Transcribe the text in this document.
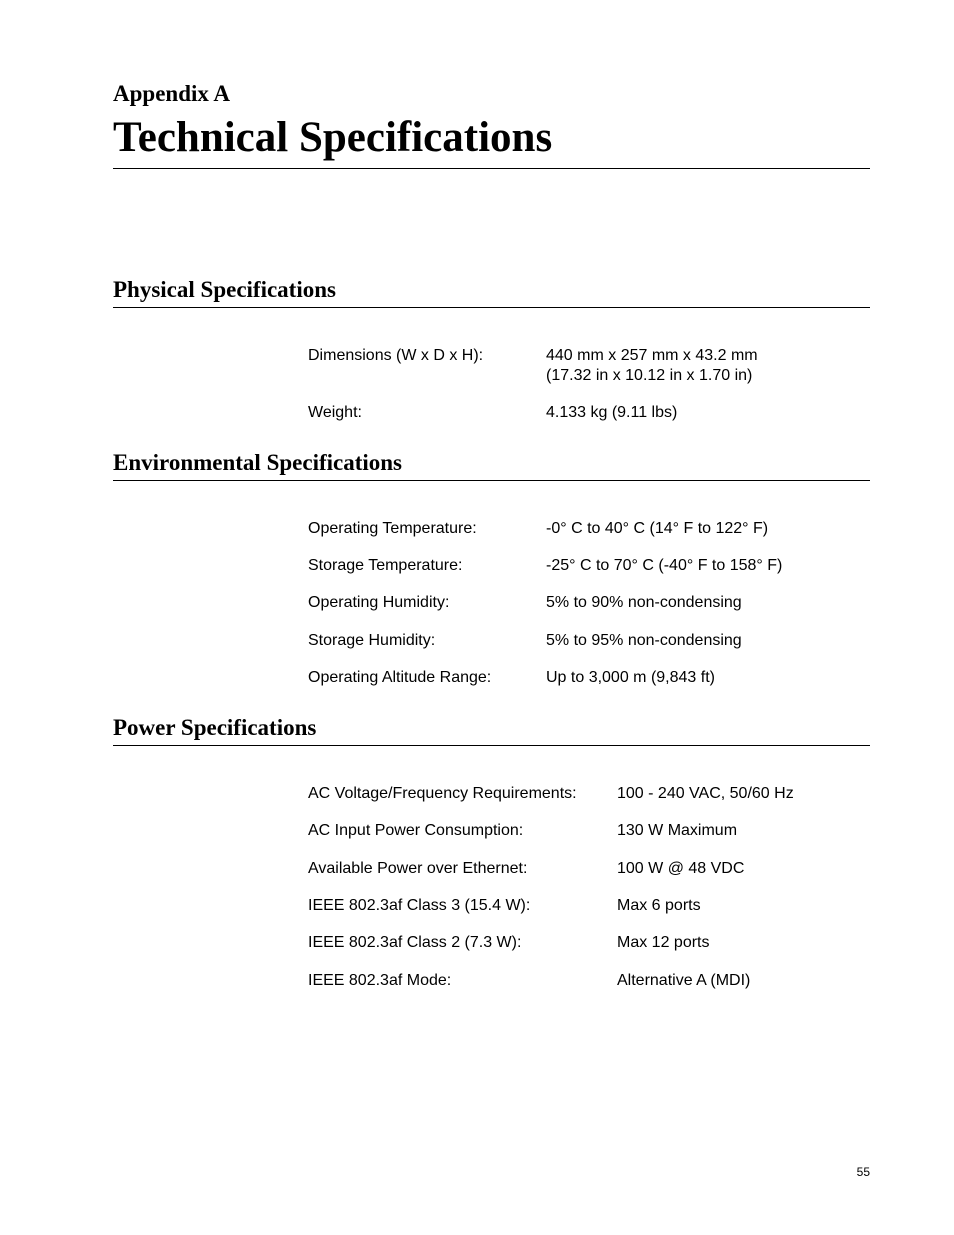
Appendix A
Technical Specifications
Physical Specifications
Dimensions (W x D x H):	440 mm x 257 mm x 43.2 mm
(17.32 in x 10.12 in x 1.70 in)
Weight:	4.133 kg (9.11 lbs)
Environmental Specifications
Operating Temperature:	-0° C to 40° C (14° F to 122° F)
Storage Temperature:	-25° C to 70° C (-40° F to 158° F)
Operating Humidity:	5% to 90% non-condensing
Storage Humidity:	5% to 95% non-condensing
Operating Altitude Range:	Up to 3,000 m (9,843 ft)
Power Specifications
AC Voltage/Frequency Requirements:	100 - 240 VAC, 50/60 Hz
AC Input Power Consumption:	130 W Maximum
Available Power over Ethernet:	100 W @ 48 VDC
IEEE 802.3af Class 3 (15.4 W):	Max 6 ports
IEEE 802.3af Class 2 (7.3 W):	Max 12 ports
IEEE 802.3af Mode:	Alternative A (MDI)
55
